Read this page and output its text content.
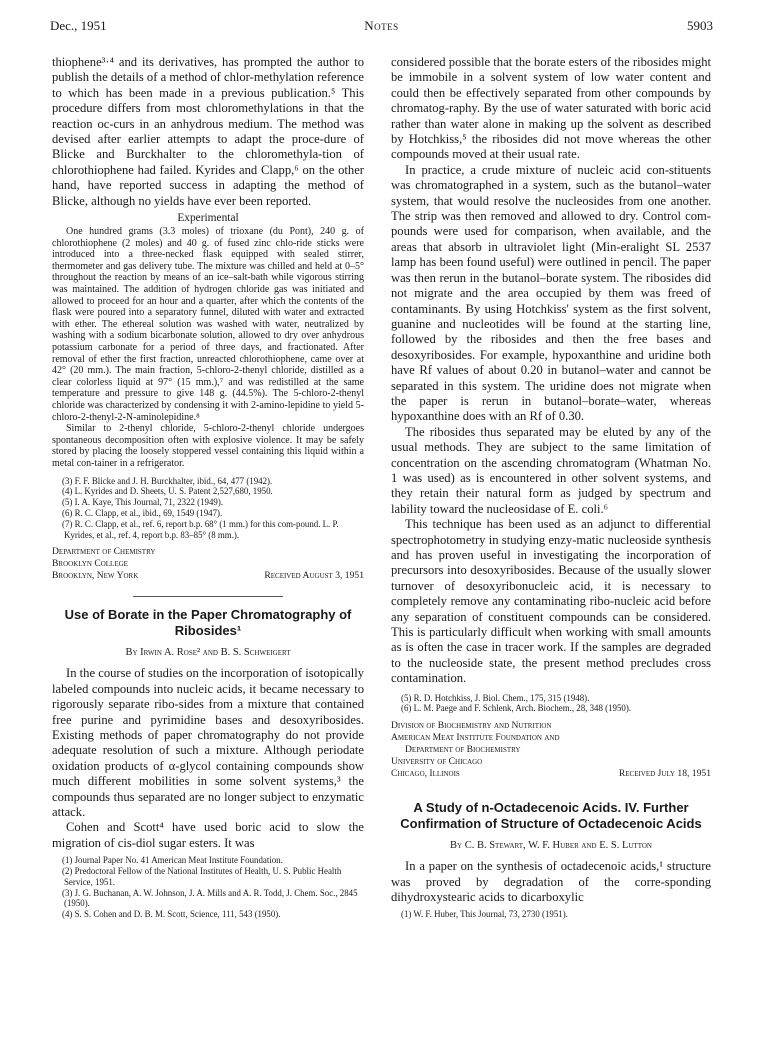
Dec., 1951	Notes	5903

thiophene³·⁴ and its derivatives, has prompted the author to publish the details of a method of chlor-methylation reference to which has been made in a previous publication.⁵ This procedure differs from most chloromethylations in that the reaction oc-curs in an anhydrous medium. The method was devised after earlier attempts to adapt the proce-dure of Blicke and Burckhalter to the chloromethyla-tion of chlorothiophene had failed. Kyrides and Clapp,⁶ on the other hand, have reported success in adapting the method of Blicke, although no yields have ever been reported.

Experimental

One hundred grams (3.3 moles) of trioxane (du Pont), 240 g. of chlorothiophene (2 moles) and 40 g. of fused zinc chlo-ride sticks were introduced into a three-necked flask equipped with sealed stirrer, thermometer and gas delivery tube. The mixture was chilled and held at 0–5° throughout the reaction by means of an ice–salt-bath while vigorous stirring was maintained. The addition of hydrogen chloride gas was initiated and allowed to proceed for an hour and a quarter, after which the contents of the flask were poured into a separatory funnel, diluted with water and extracted with ether. The ethereal solution was washed with water, neutralized by washing with a sodium bicarbonate solution, allowed to dry over anhydrous potassium carbonate for a period of three days, and fractionated. After removal of ether the first fraction, unreacted chlorothiophene, came over at 42° (20 mm.). The main fraction, 5-chloro-2-thenyl chloride, distilled as a clear colorless liquid at 97° (15 mm.),⁷ and was redistilled at the same temperature and pressure to give 148 g. (44.5%). The 5-chloro-2-thenyl chloride was characterized by condensing it with 2-amino-lepidine to yield 5-chloro-2-thenyl-2-N-aminolepidine.⁸

Similar to 2-thenyl chloride, 5-chloro-2-thenyl chloride undergoes spontaneous decomposition often with explosive violence. It may be safely stored by placing the loosely stoppered vessel containing this liquid within a metal con-tainer in a refrigerator.

(3) F. F. Blicke and J. H. Burckhalter, ibid., 64, 477 (1942).
(4) L. Kyrides and D. Sheets, U. S. Patent 2,527,680, 1950.
(5) I. A. Kaye, This Journal, 71, 2322 (1949).
(6) R. C. Clapp, et al., ibid., 69, 1549 (1947).
(7) R. C. Clapp, et al., ref. 6, report b.p. 68° (1 mm.) for this com-pound. L. P. Kyrides, et al., ref. 4, report b.p. 83–85° (8 mm.).
Department of Chemistry
Brooklyn College
Brooklyn, New York	Received August 3, 1951

Use of Borate in the Paper Chromatography of Ribosides¹

By Irwin A. Rose² and B. S. Schweigert

In the course of studies on the incorporation of isotopically labeled compounds into nucleic acids, it became necessary to rigorously separate ribo-sides from a mixture that contained free purine and pyrimidine bases and desoxyribosides. Existing methods of paper chromatography do not provide adequate resolution of such a mixture. Although periodate oxidation products of α-glycol containing compounds show much different mobilities in some solvent systems,³ the compounds thus separated are no longer subject to enzymatic attack.

Cohen and Scott⁴ have used boric acid to slow the migration of cis-diol sugar esters. It was

(1) Journal Paper No. 41 American Meat Institute Foundation.
(2) Predoctoral Fellow of the National Institutes of Health, U. S. Public Health Service, 1951.
(3) J. G. Buchanan, A. W. Johnson, J. A. Mills and A. R. Todd, J. Chem. Soc., 2845 (1950).
(4) S. S. Cohen and D. B. M. Scott, Science, 111, 543 (1950).

considered possible that the borate esters of the ribosides might be immobile in a solvent system of low water content and could then be effectively separated from other compounds by chromatog-raphy. By the use of water saturated with boric acid rather than water alone in making up the solvent as described by Hotchkiss,⁵ the ribosides did not move whereas the other compounds moved at their usual rate.

In practice, a crude mixture of nucleic acid con-stituents was chromatographed in a system, such as the butanol–water system, that would resolve the nucleosides from one another. The strip was then removed and allowed to dry. Control com-pounds were used for comparison, when available, and the areas that absorb in ultraviolet light (Min-eralight SL 2537 lamp has been found useful) were outlined in pencil. The paper was then rerun in the butanol–borate system. The ribosides did not migrate and the area occupied by them was freed of contaminants. By using Hotchkiss' system as the first solvent, guanine and nucleotides will be found at the starting line, followed by the ribosides and then the free bases and desoxyribosides. For example, hypoxanthine and uridine both have Rf values of about 0.20 in butanol–water and cannot be separated in this system. The uridine does not migrate when the paper is rerun in butanol–borate–water, whereas hypoxanthine does with an Rf of 0.30.

The ribosides thus separated may be eluted by any of the usual methods. They are subject to the same limitation of concentration on the ascending chromatogram (Whatman No. 1 was used) as is encountered in other solvent systems, and they retain their natural form as judged by spectrum and lability toward the nucleosidase of E. coli.⁶

This technique has been used as an adjunct to differential spectrophotometry in studying enzy-matic nucleoside synthesis and has proven useful in investigating the incorporation of precursors into desoxyribosides. Because of the usually slower turnover of desoxyribonucleic acid, it is necessary to completely remove any contaminating ribo-nucleic acid before any separation of constituent compounds can be considered. This is particularly difficult when working with small amounts as is often the case in tracer work. If the samples are degraded to the nucleoside state, the present method precludes cross contamination.

(5) R. D. Hotchkiss, J. Biol. Chem., 175, 315 (1948).
(6) L. M. Paege and F. Schlenk, Arch. Biochem., 28, 348 (1950).
Division of Biochemistry and Nutrition
American Meat Institute Foundation and
Department of Biochemistry
University of Chicago
Chicago, Illinois	Received July 18, 1951

A Study of n-Octadecenoic Acids. IV. Further Confirmation of Structure of Octadecenoic Acids

By C. B. Stewart, W. F. Huber and E. S. Lutton

In a paper on the synthesis of octadecenoic acids,¹ structure was proved by degradation of the corre-sponding dihydroxystearic acids to dicarboxylic

(1) W. F. Huber, This Journal, 73, 2730 (1951).
